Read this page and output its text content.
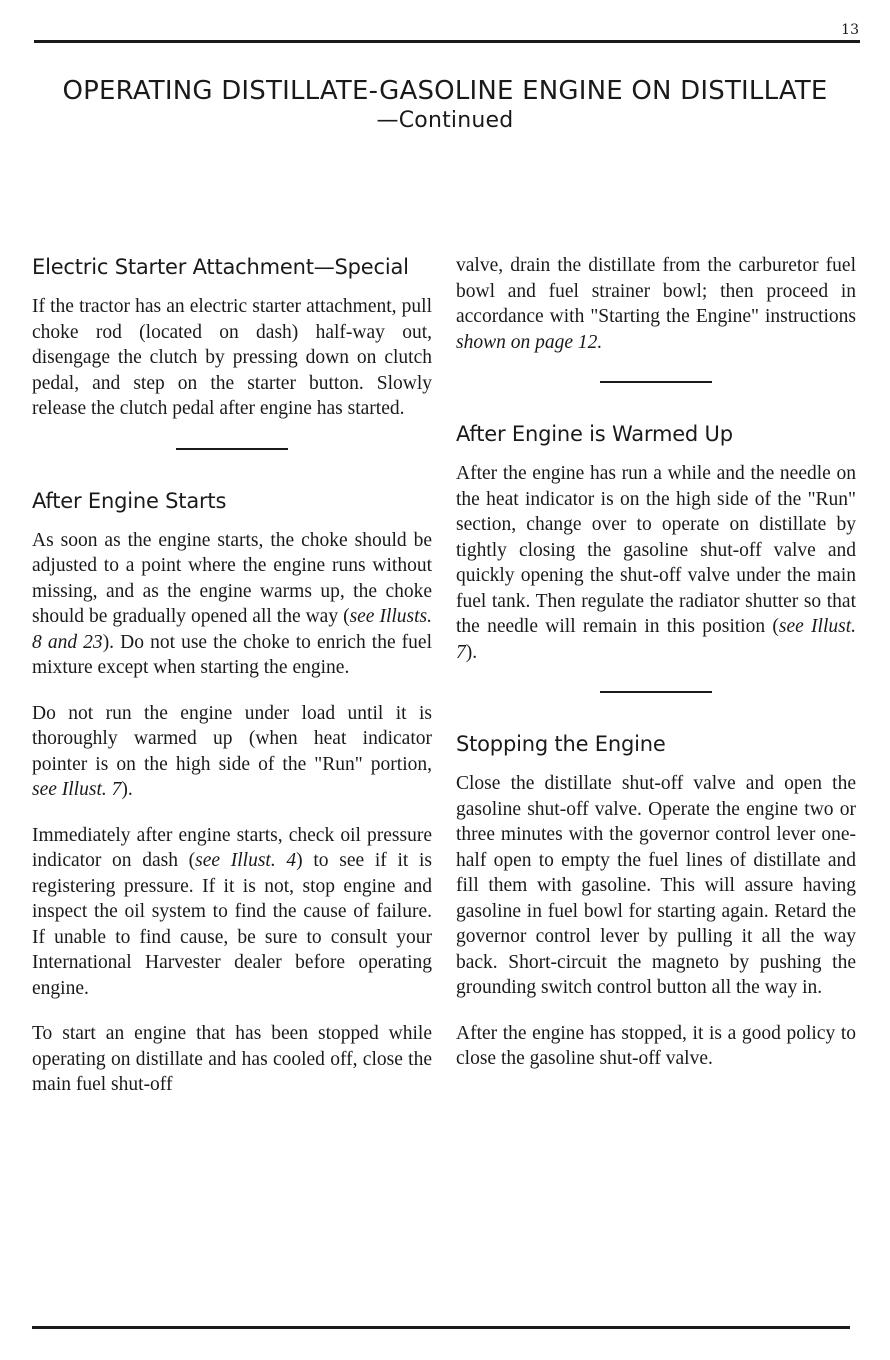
13
OPERATING DISTILLATE-GASOLINE ENGINE ON DISTILLATE
—Continued
Electric Starter Attachment—Special

If the tractor has an electric starter attachment, pull choke rod (located on dash) half-way out, disengage the clutch by pressing down on clutch pedal, and step on the starter button. Slowly release the clutch pedal after engine has started.

After Engine Starts

As soon as the engine starts, the choke should be adjusted to a point where the engine runs without missing, and as the engine warms up, the choke should be gradually opened all the way (see Illusts. 8 and 23). Do not use the choke to enrich the fuel mixture except when starting the engine.

Do not run the engine under load until it is thoroughly warmed up (when heat indicator pointer is on the high side of the "Run" portion, see Illust. 7).

Immediately after engine starts, check oil pressure indicator on dash (see Illust. 4) to see if it is registering pressure. If it is not, stop engine and inspect the oil system to find the cause of failure. If unable to find cause, be sure to consult your International Harvester dealer before operating engine.

To start an engine that has been stopped while operating on distillate and has cooled off, close the main fuel shut-off

valve, drain the distillate from the carburetor fuel bowl and fuel strainer bowl; then proceed in accordance with "Starting the Engine" instructions shown on page 12.

After Engine is Warmed Up

After the engine has run a while and the needle on the heat indicator is on the high side of the "Run" section, change over to operate on distillate by tightly closing the gasoline shut-off valve and quickly opening the shut-off valve under the main fuel tank. Then regulate the radiator shutter so that the needle will remain in this position (see Illust. 7).

Stopping the Engine

Close the distillate shut-off valve and open the gasoline shut-off valve. Operate the engine two or three minutes with the governor control lever one-half open to empty the fuel lines of distillate and fill them with gasoline. This will assure having gasoline in fuel bowl for starting again. Retard the governor control lever by pulling it all the way back. Short-circuit the magneto by pushing the grounding switch control button all the way in.

After the engine has stopped, it is a good policy to close the gasoline shut-off valve.
